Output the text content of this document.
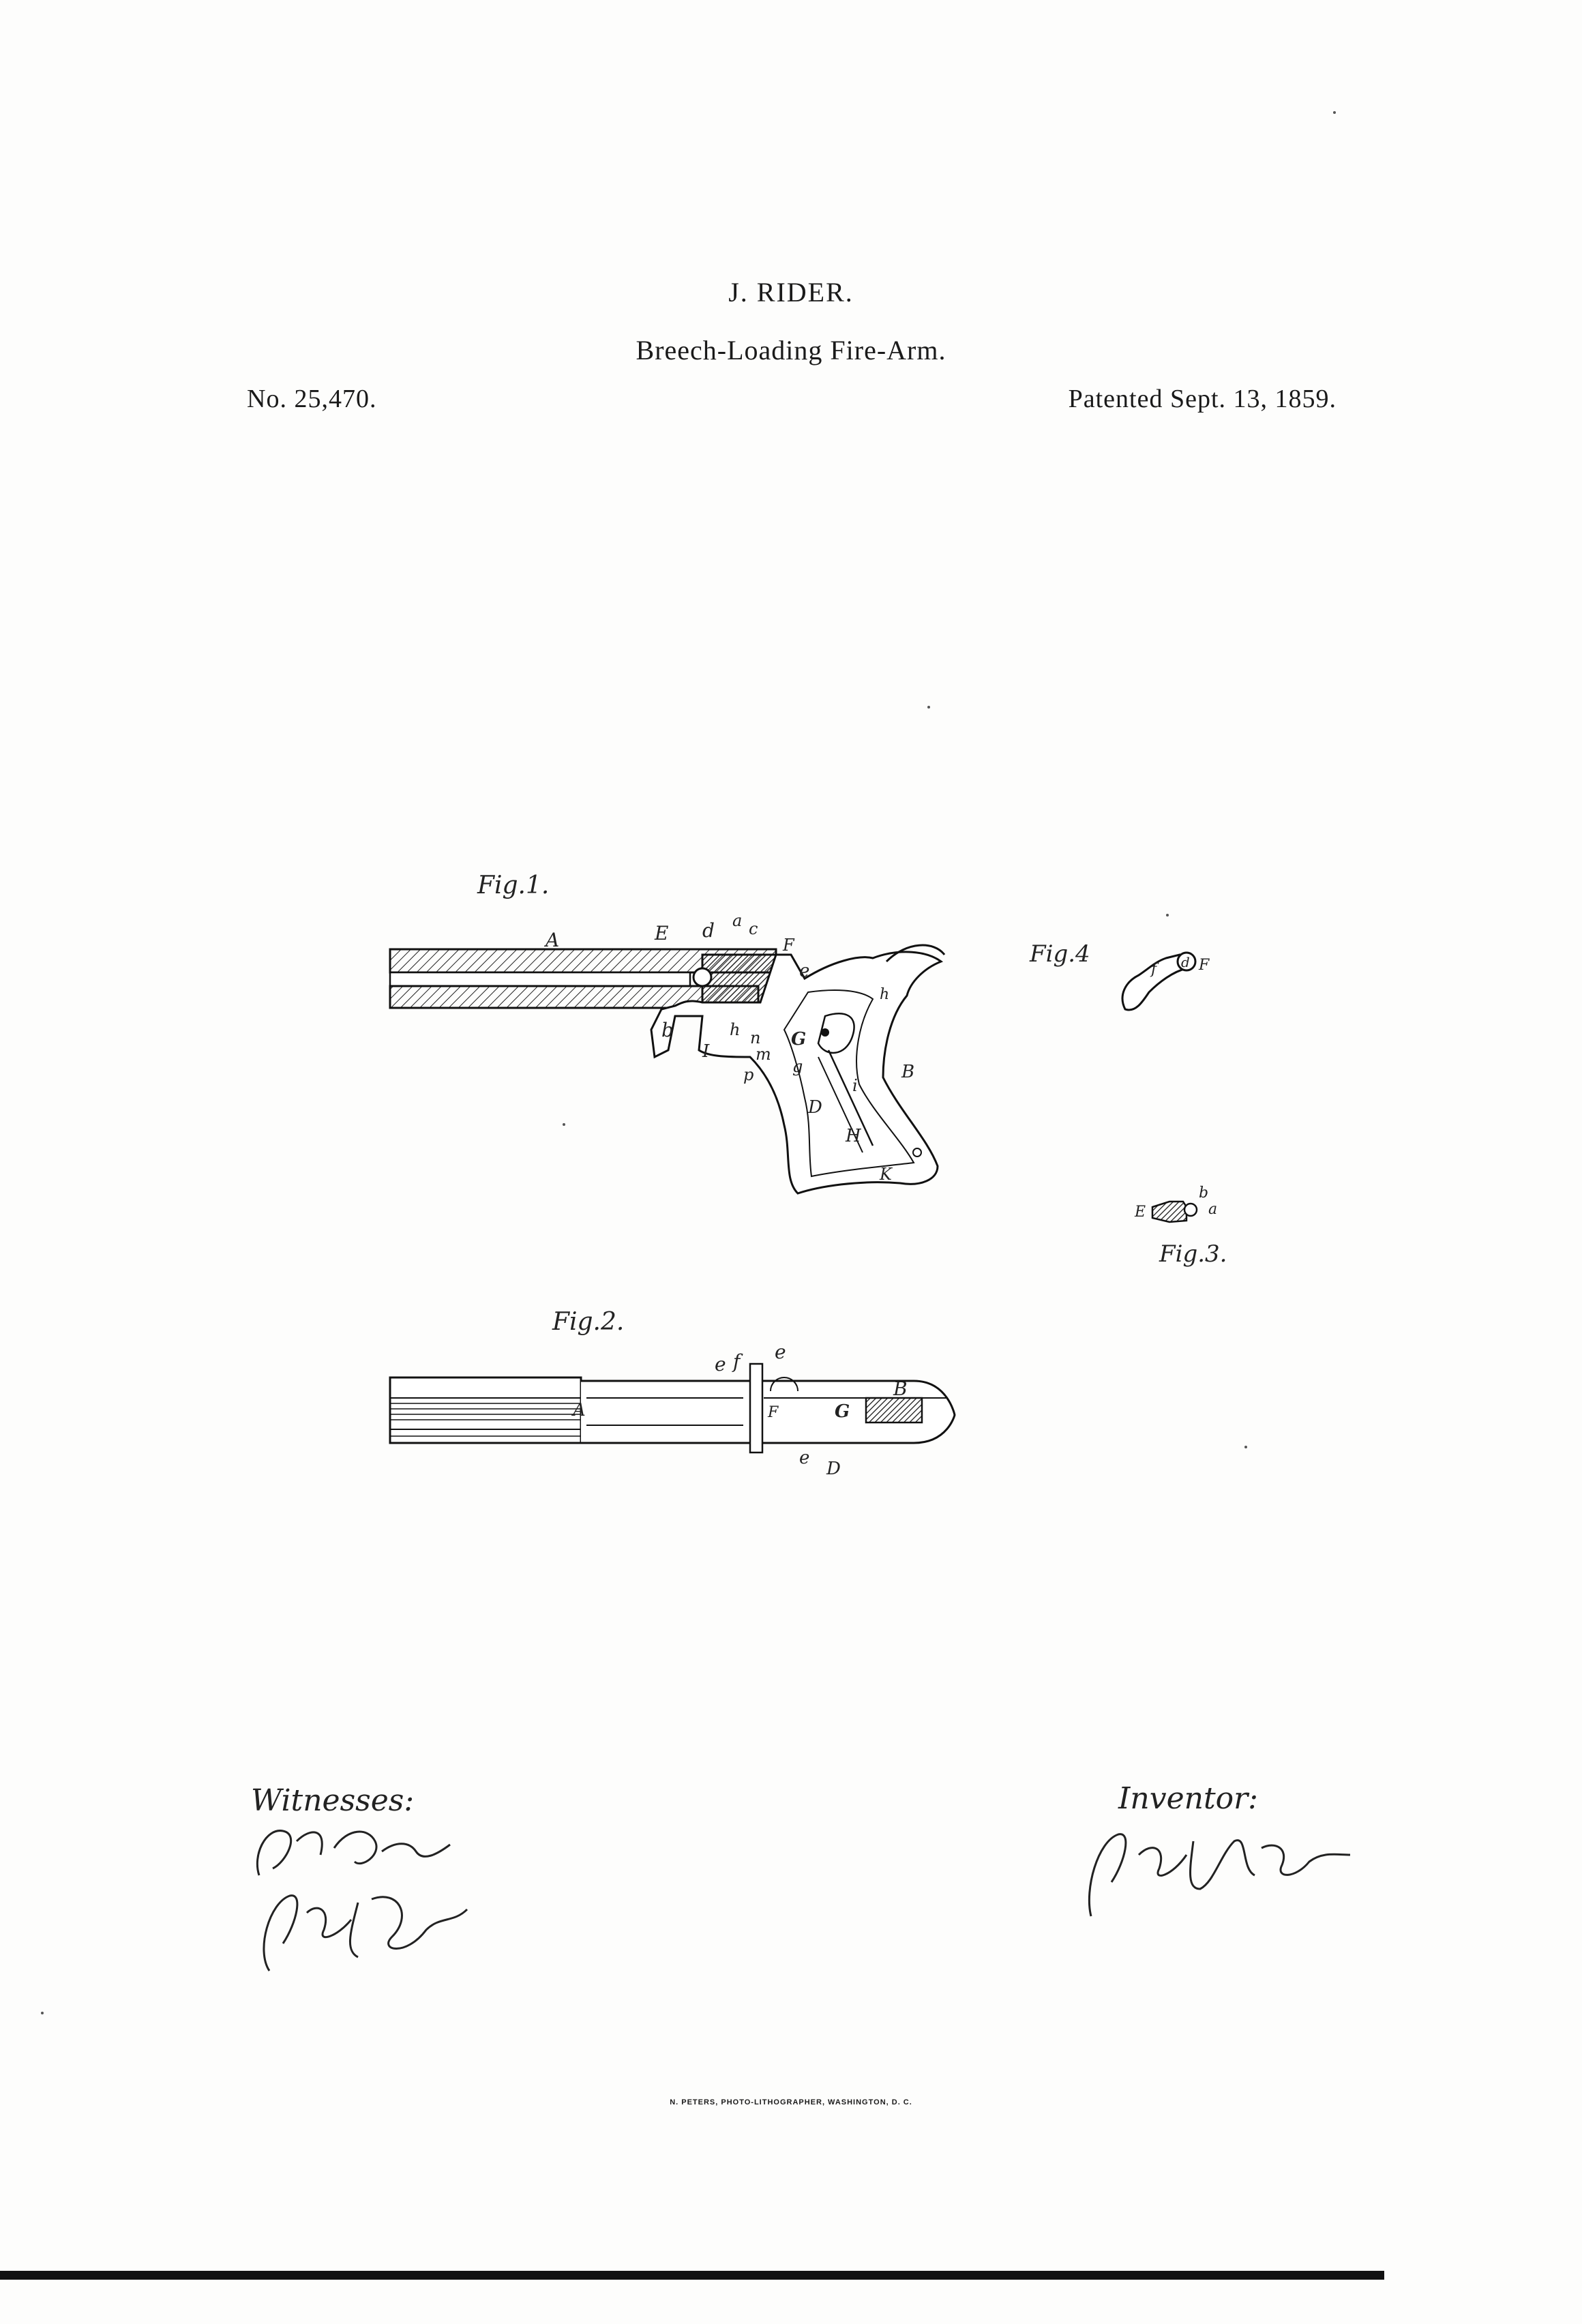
J. RIDER.
Breech-Loading Fire-Arm.
No. 25,470.	Patented Sept. 13, 1859.
Fig.1.
A	E d a c
F
e
b	h n G
I	m
g
p
i
B
D
H
K
h
Fig.4
f d F
E
b
a
Fig.3.
Fig.2.
e f e
B
A	F	G
e
D
Witnesses:	Inventor:
N. PETERS, PHOTO-LITHOGRAPHER, WASHINGTON, D. C.
